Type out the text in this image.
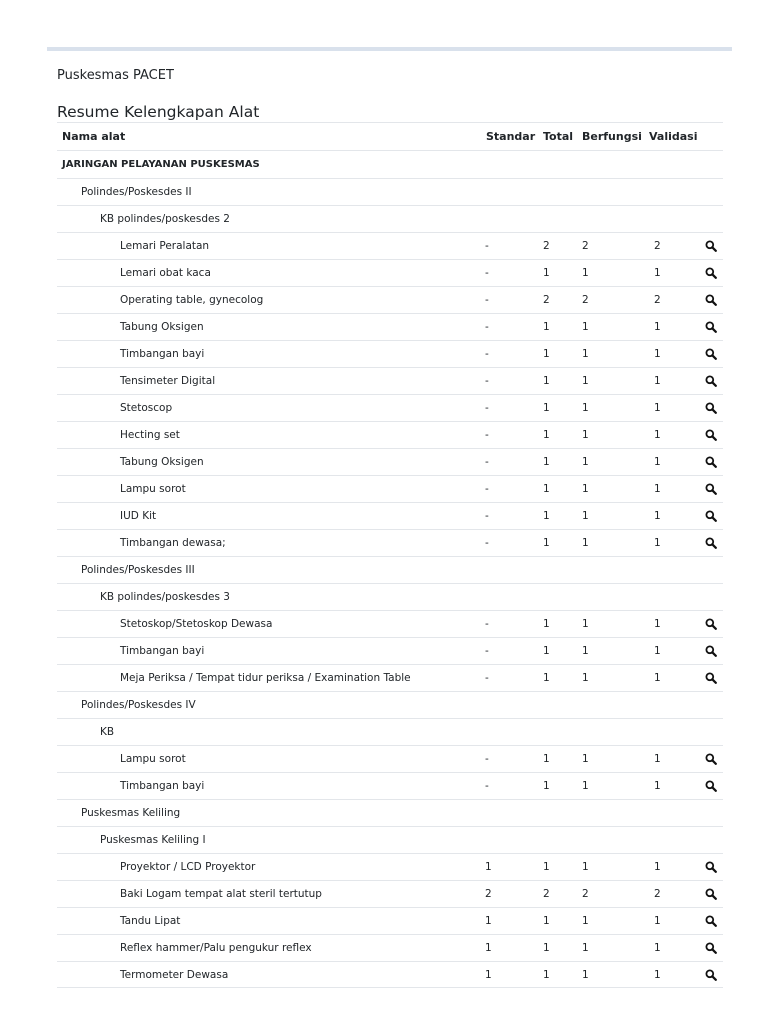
Puskesmas PACET
Resume Kelengkapan Alat
Nama alat	Standar Total Berfungsi Validasi
JARINGAN PELAYANAN PUSKESMAS
Polindes/Poskesdes II
KB polindes/poskesdes 2
Lemari Peralatan	-	2	2	2
Lemari obat kaca	-	1	1	1
Operating table, gynecolog	-	2	2	2
Tabung Oksigen	-	1	1	1
Timbangan bayi	-	1	1	1
Tensimeter Digital	-	1	1	1
Stetoscop	-	1	1	1
Hecting set	-	1	1	1
Tabung Oksigen	-	1	1	1
Lampu sorot	-	1	1	1
IUD Kit	-	1	1	1
Timbangan dewasa;	-	1	1	1
Polindes/Poskesdes III
KB polindes/poskesdes 3
Stetoskop/Stetoskop Dewasa	-	1	1	1
Timbangan bayi	-	1	1	1
Meja Periksa / Tempat tidur periksa / Examination Table	-	1	1	1
Polindes/Poskesdes IV
KB
Lampu sorot	-	1	1	1
Timbangan bayi	-	1	1	1
Puskesmas Keliling
Puskesmas Keliling I
Proyektor / LCD Proyektor	1	1	1	1
Baki Logam tempat alat steril tertutup	2	2	2	2
Tandu Lipat	1	1	1	1
Reflex hammer/Palu pengukur reflex	1	1	1	1
Termometer Dewasa	1	1	1	1
